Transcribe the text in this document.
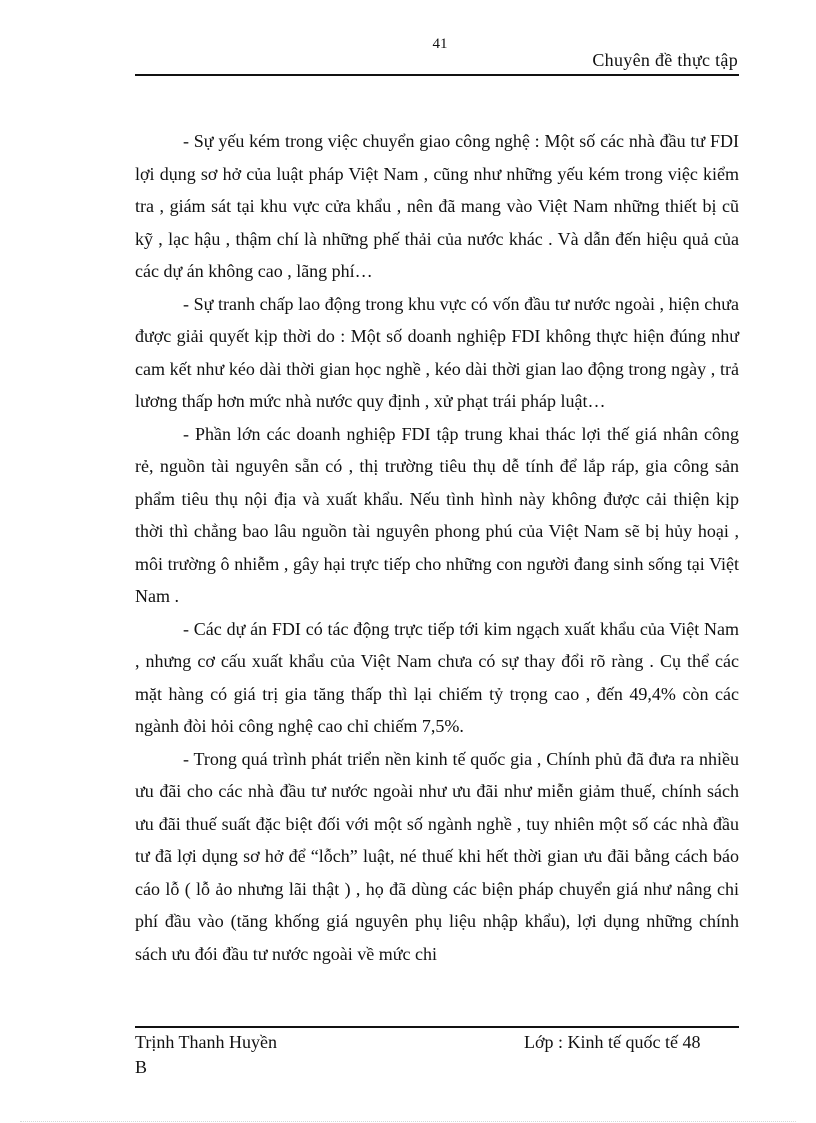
41
Chuyên đề thực tập

- Sự yếu kém trong việc chuyển giao công nghệ : Một số các nhà đầu tư FDI lợi dụng sơ hở của luật pháp Việt Nam , cũng như những yếu kém trong việc kiểm tra , giám sát tại khu vực cửa khẩu , nên đã mang vào Việt Nam những thiết bị cũ kỹ , lạc hậu , thậm chí là những phế thải của nước khác . Và dẫn đến hiệu quả của các dự án không cao , lãng phí…

- Sự tranh chấp lao động trong khu vực có vốn đầu tư nước ngoài , hiện chưa được giải quyết kịp thời do : Một số doanh nghiệp FDI không thực hiện đúng như cam kết như kéo dài thời gian học nghề , kéo dài thời gian lao động trong ngày , trả lương thấp hơn mức nhà nước quy định , xử phạt trái pháp luật…

- Phần lớn các doanh nghiệp FDI tập trung khai thác lợi thế giá nhân công rẻ, nguồn tài nguyên sẵn có , thị trường tiêu thụ dễ tính để lắp ráp, gia công sản phẩm tiêu thụ nội địa và xuất khẩu. Nếu tình hình này không được cải thiện kịp thời thì chẳng bao lâu nguồn tài nguyên phong phú của Việt Nam sẽ bị hủy hoại , môi trường ô nhiễm , gây hại trực tiếp cho những con người đang sinh sống tại Việt Nam .

- Các dự án FDI có tác động trực tiếp tới kim ngạch xuất khẩu của Việt Nam , nhưng cơ cấu xuất khẩu của Việt Nam chưa có sự thay đổi rõ ràng . Cụ thể các mặt hàng có giá trị gia tăng thấp thì lại chiếm tỷ trọng cao , đến 49,4% còn các ngành đòi hỏi công nghệ cao chỉ chiếm 7,5%.

- Trong quá trình phát triển nền kinh tế quốc gia , Chính phủ đã đưa ra nhiều ưu đãi cho các nhà đầu tư nước ngoài như ưu đãi như miễn giảm thuế, chính sách ưu đãi thuế suất đặc biệt đối với một số ngành nghề , tuy nhiên một số các nhà đầu tư đã lợi dụng sơ hở để “lỗch” luật, né thuế khi hết thời gian ưu đãi bằng cách báo cáo lỗ ( lỗ ảo nhưng lãi thật ) , họ đã dùng các biện pháp chuyển giá như nâng chi phí đầu vào (tăng khống giá nguyên phụ liệu nhập khẩu), lợi dụng những chính sách ưu đói đầu tư nước ngoài về mức chi

Trịnh Thanh Huyền
B
Lớp : Kinh tế quốc tế 48
